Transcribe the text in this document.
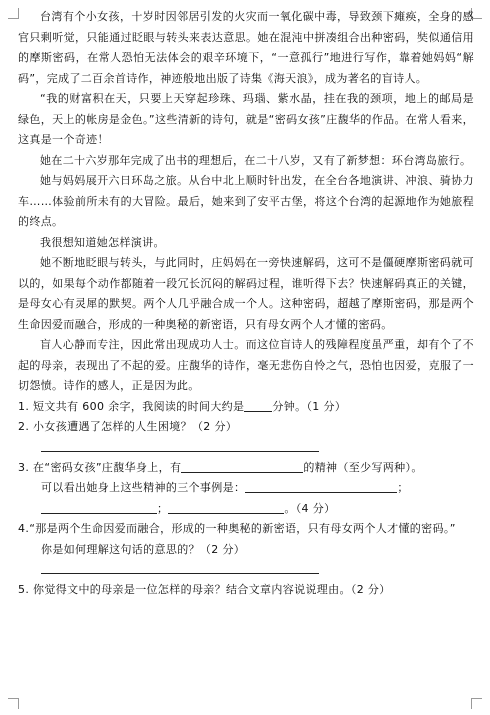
台湾有个小女孩，十岁时因邻居引发的火灾而一氧化碳中毒，导致颈下瘫痪，全身的感官只剩听觉，只能通过眨眼与转头来表达意思。她在混沌中拼凑组合出种密码，奘似通信用的摩斯密码，在常人恐怕无法体会的艰辛环境下，“一意孤行”地进行写作，靠着她妈妈“解码”，完成了二百余首诗作，神迹般地出版了诗集《海天浪》，成为著名的盲诗人。

“我的财富积在天，只要上天穿起珍珠、玛瑙、紫水晶，挂在我的颈项，地上的邮局是绿色，天上的帐房是金色。”这些清新的诗句，就是“密码女孩”庄馥华的作品。在常人看来，这真是一个奇迹！

她在二十六岁那年完成了出书的理想后，在二十八岁，又有了新梦想：环台湾岛旅行。

她与妈妈展开六日环岛之旅。从台中北上顺时针出发，在全台各地演讲、冲浪、骑协力车……体验前所未有的大冒险。最后，她来到了安平古堡，将这个台湾的起源地作为她旅程的终点。

我很想知道她怎样演讲。

她不断地眨眼与转头，与此同时，庄妈妈在一旁快速解码，这可不是僵硬摩斯密码就可以的，如果每个动作都随着一段冗长沉闷的解码过程，谁听得下去？快速解码真正的关键，是母女心有灵犀的默契。两个人几乎融合成一个人。这种密码，超越了摩斯密码，那是两个生命因爱而融合，形成的一种奥秘的新密语，只有母女两个人才懂的密码。

盲人心静而专注，因此常出现成功人士。而这位盲诗人的残障程度虽严重，却有个了不起的母亲，表现出了不起的爱。庄馥华的诗作，毫无悲伤自怜之气，恐怕也因爱，克服了一切怨愤。诗作的感人，正是因为此。

1. 短文共有 600 余字，我阅读的时间大约是	分钟。（1 分）

2. 小女孩遭遇了怎样的人生困境？（2 分）

3. 在“密码女孩”庄馥华身上，有	的精神（至少写两种）。

可以看出她身上这些精神的三个事例是：	；

；	。（4 分）

4.“那是两个生命因爱而融合，形成的一种奥秘的新密语，只有母女两个人才懂的密码。”

你是如何理解这句话的意思的？（2 分）

5. 你觉得文中的母亲是一位怎样的母亲？结合文章内容说说理由。（2 分）
